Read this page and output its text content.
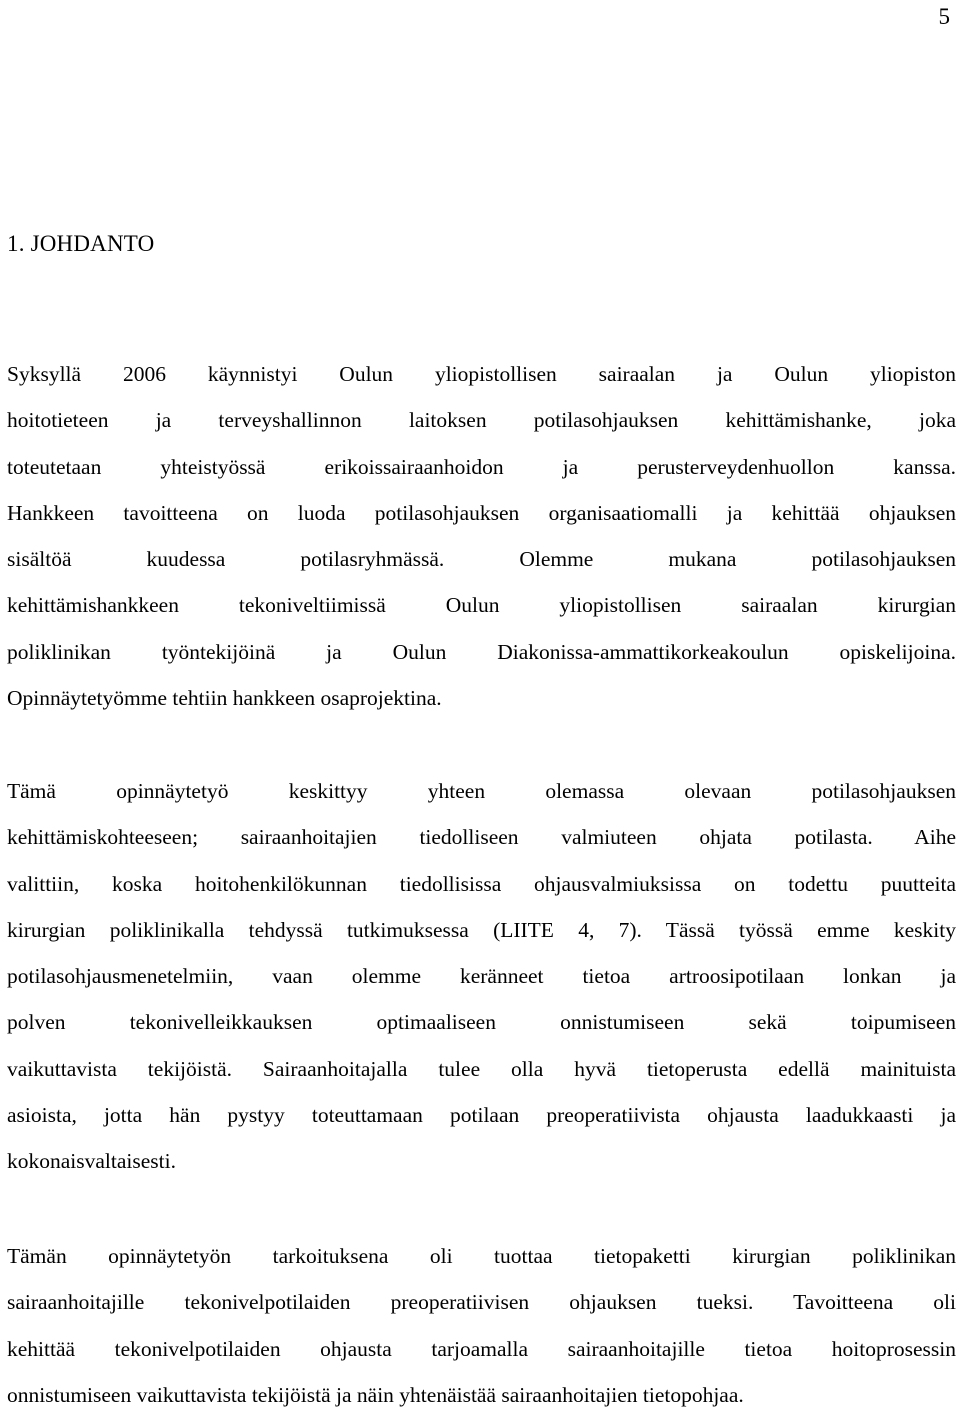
5
1. JOHDANTO

Syksyllä 2006 käynnistyi Oulun yliopistollisen sairaalan ja Oulun yliopiston
hoitotieteen ja terveyshallinnon laitoksen potilasohjauksen kehittämishanke, joka
toteutetaan yhteistyössä erikoissairaanhoidon ja perusterveydenhuollon kanssa.
Hankkeen tavoitteena on luoda potilasohjauksen organisaatiomalli ja kehittää ohjauksen
sisältöä kuudessa potilasryhmässä. Olemme mukana potilasohjauksen
kehittämishankkeen tekoniveltiimissä Oulun yliopistollisen sairaalan kirurgian
poliklinikan työntekijöinä ja Oulun Diakonissa-ammattikorkeakoulun opiskelijoina.
Opinnäytetyömme tehtiin hankkeen osaprojektina.

Tämä opinnäytetyö keskittyy yhteen olemassa olevaan potilasohjauksen
kehittämiskohteeseen; sairaanhoitajien tiedolliseen valmiuteen ohjata potilasta. Aihe
valittiin, koska hoitohenkilökunnan tiedollisissa ohjausvalmiuksissa on todettu puutteita
kirurgian poliklinikalla tehdyssä tutkimuksessa (LIITE 4, 7). Tässä työssä emme keskity
potilasohjausmenetelmiin, vaan olemme keränneet tietoa artroosipotilaan lonkan ja
polven tekonivelleikkauksen optimaaliseen onnistumiseen sekä toipumiseen
vaikuttavista tekijöistä. Sairaanhoitajalla tulee olla hyvä tietoperusta edellä mainituista
asioista, jotta hän pystyy toteuttamaan potilaan preoperatiivista ohjausta laadukkaasti ja
kokonaisvaltaisesti.

Tämän opinnäytetyön tarkoituksena oli tuottaa tietopaketti kirurgian poliklinikan
sairaanhoitajille tekonivelpotilaiden preoperatiivisen ohjauksen tueksi. Tavoitteena oli
kehittää tekonivelpotilaiden ohjausta tarjoamalla sairaanhoitajille tietoa hoitoprosessin
onnistumiseen vaikuttavista tekijöistä ja näin yhtenäistää sairaanhoitajien tietopohjaa.
